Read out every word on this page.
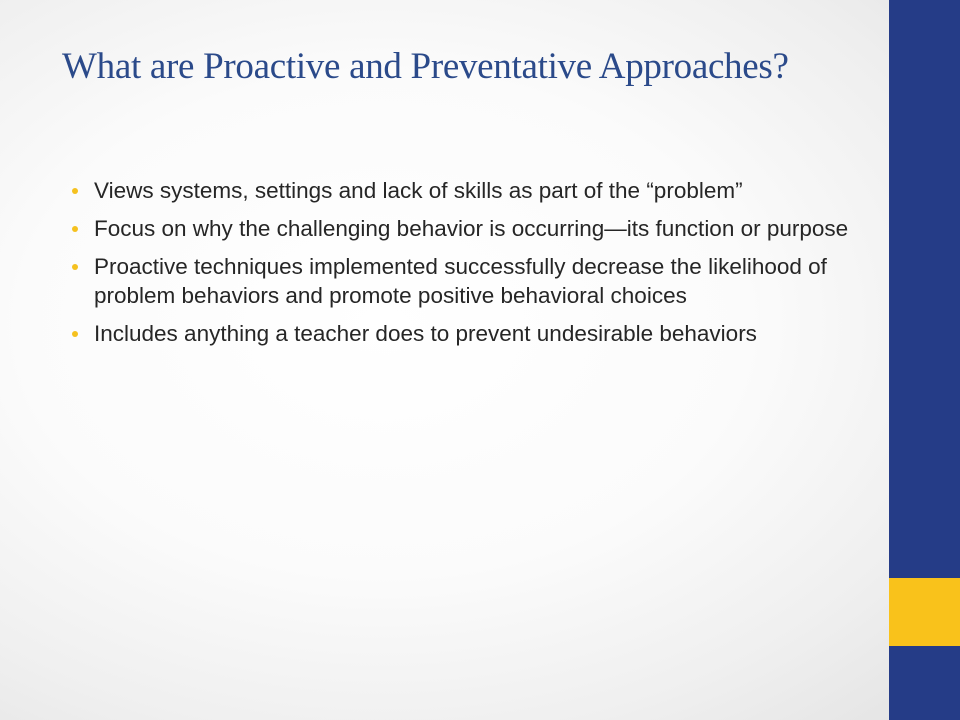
What are Proactive and Preventative Approaches?
Views systems, settings and lack of skills as part of the “problem”
Focus on why the challenging behavior is occurring—its function or purpose
Proactive techniques implemented successfully decrease the likelihood of problem behaviors and promote positive behavioral choices
Includes anything a teacher does to prevent undesirable behaviors
